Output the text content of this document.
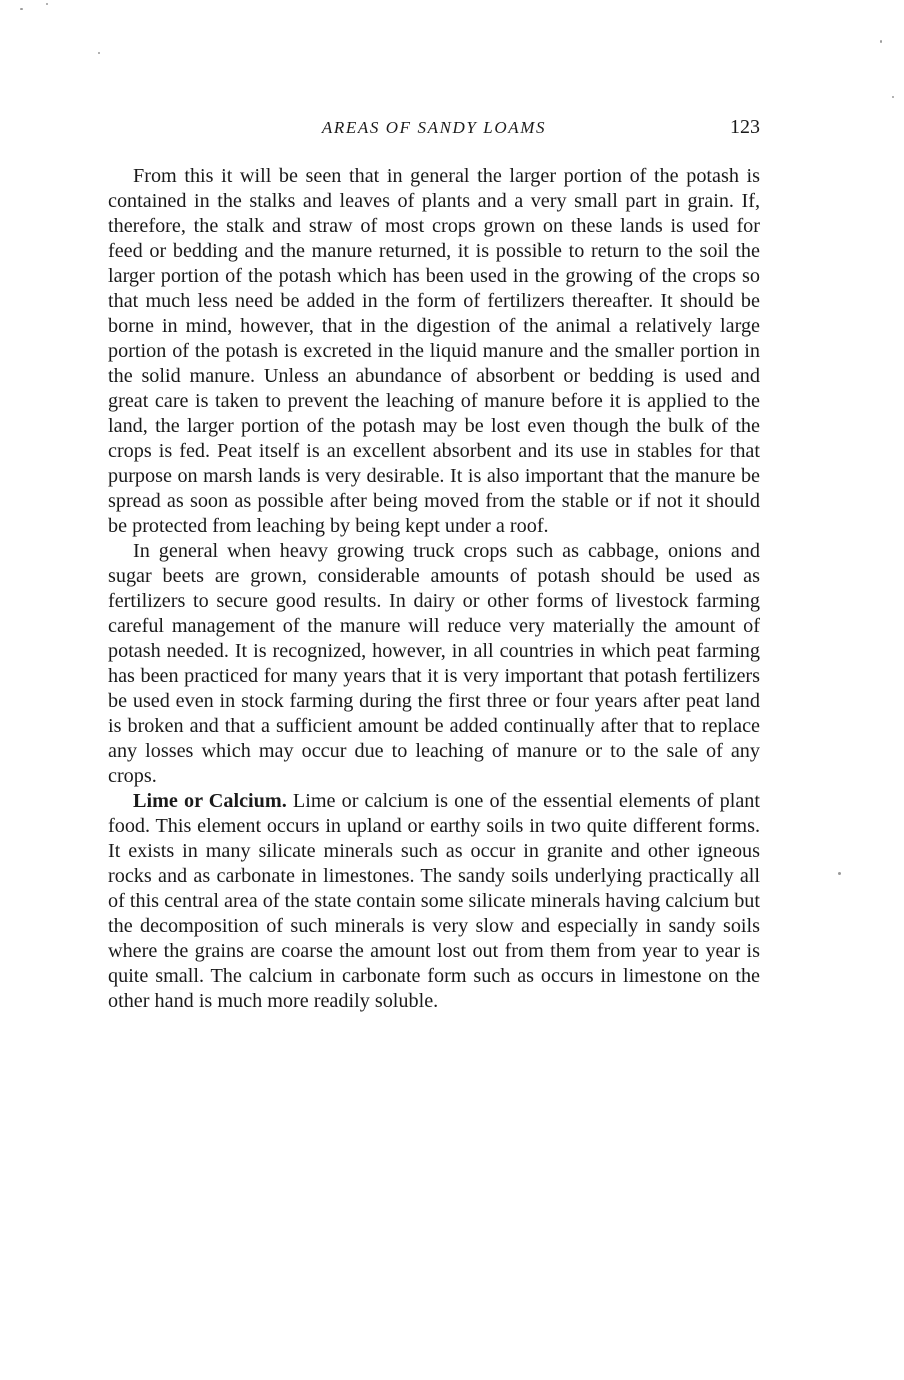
AREAS OF SANDY LOAMS	123

From this it will be seen that in general the larger portion of the potash is contained in the stalks and leaves of plants and a very small part in grain. If, therefore, the stalk and straw of most crops grown on these lands is used for feed or bedding and the manure returned, it is possible to return to the soil the larger portion of the potash which has been used in the growing of the crops so that much less need be added in the form of fertilizers thereafter. It should be borne in mind, however, that in the digestion of the animal a relatively large portion of the potash is excreted in the liquid manure and the smaller portion in the solid manure. Unless an abundance of absorbent or bedding is used and great care is taken to prevent the leaching of manure before it is applied to the land, the larger portion of the potash may be lost even though the bulk of the crops is fed. Peat itself is an excellent absorbent and its use in stables for that purpose on marsh lands is very desirable. It is also important that the manure be spread as soon as possible after being moved from the stable or if not it should be protected from leaching by being kept under a roof.

In general when heavy growing truck crops such as cabbage, onions and sugar beets are grown, considerable amounts of potash should be used as fertilizers to secure good results. In dairy or other forms of livestock farming careful management of the manure will reduce very materially the amount of potash needed. It is recognized, however, in all countries in which peat farming has been practiced for many years that it is very important that potash fertilizers be used even in stock farming during the first three or four years after peat land is broken and that a sufficient amount be added continually after that to replace any losses which may occur due to leaching of manure or to the sale of any crops.

Lime or Calcium. Lime or calcium is one of the essential elements of plant food. This element occurs in upland or earthy soils in two quite different forms. It exists in many silicate minerals such as occur in granite and other igneous rocks and as carbonate in limestones. The sandy soils underlying practically all of this central area of the state contain some silicate minerals having calcium but the decomposition of such minerals is very slow and especially in sandy soils where the grains are coarse the amount lost out from them from year to year is quite small. The calcium in carbonate form such as occurs in limestone on the other hand is much more readily soluble.
